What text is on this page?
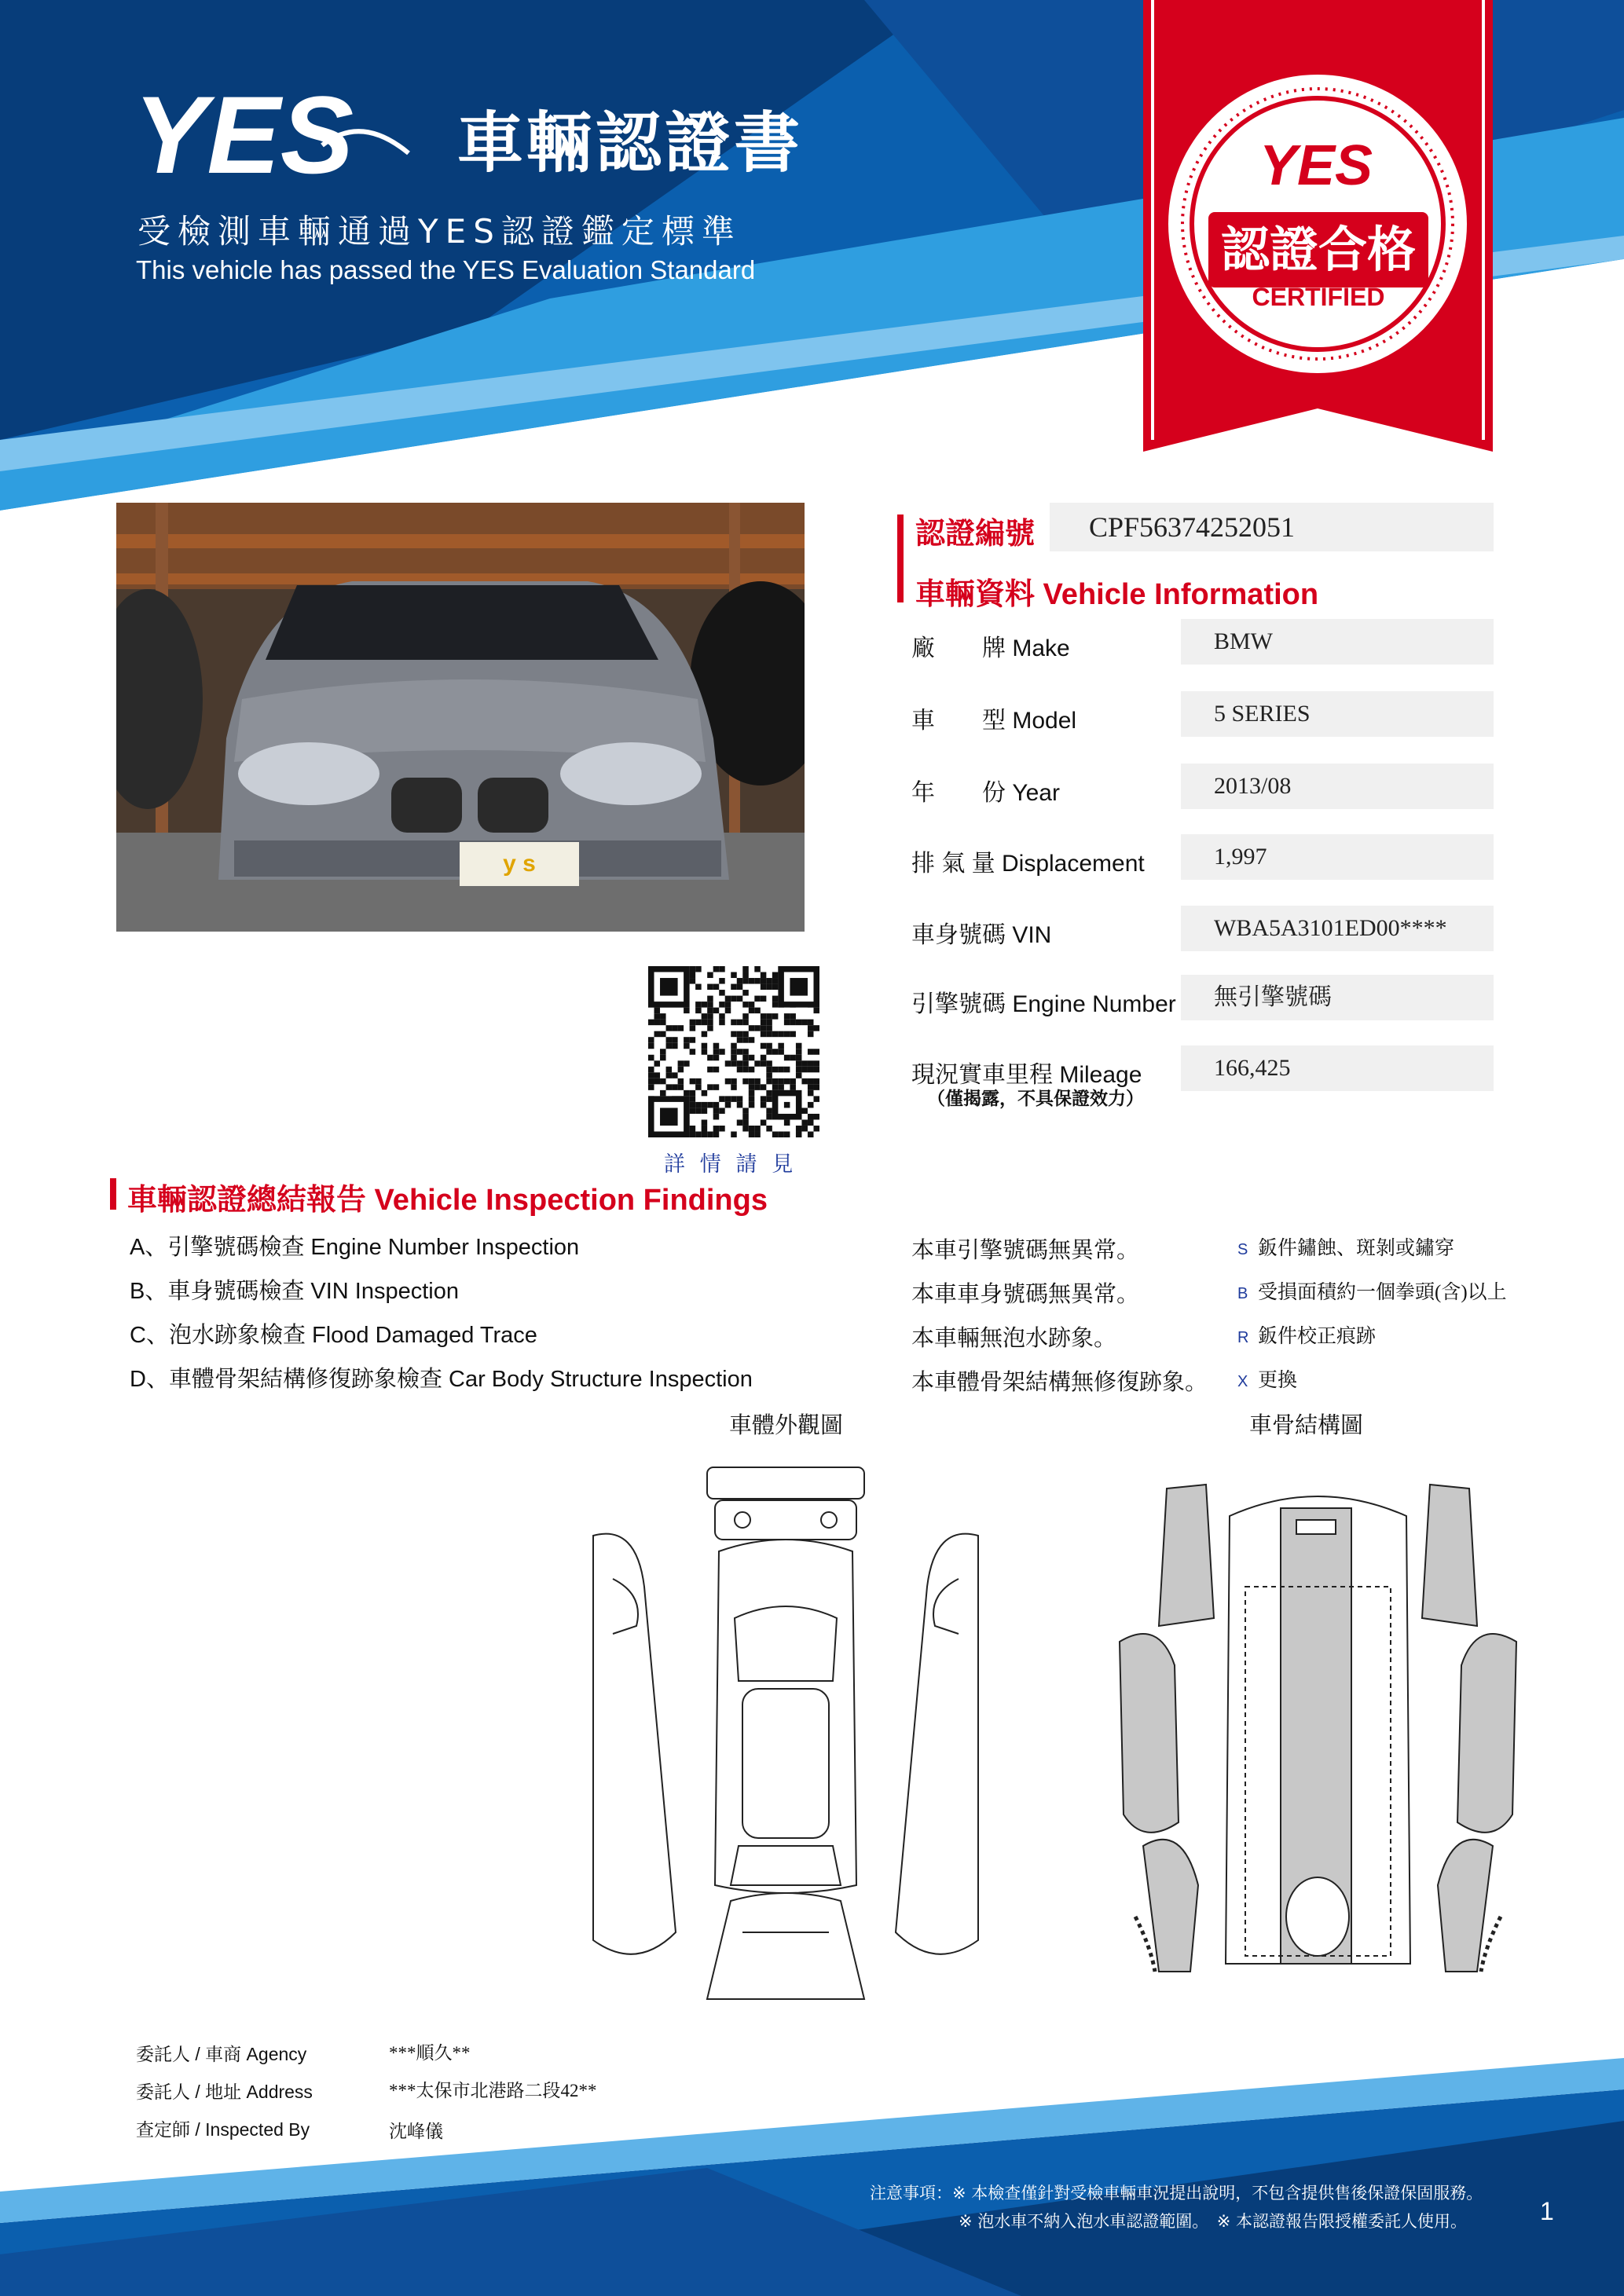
YES 車輛認證書
受檢測車輛通過YES認證鑑定標準
This vehicle has passed the YES Evaluation Standard
YES
認證合格
CERTIFIED
y s
詳 情 請 見
認證編號	CPF56374252051
車輛資料 Vehicle Information
廠　　牌 Make	BMW
車　　型 Model	5 SERIES
年　　份 Year	2013/08
排 氣 量 Displacement	1,997
車身號碼 VIN	WBA5A3101ED00****
引擎號碼 Engine Number	無引擎號碼
現況實車里程 Mileage	166,425
（僅揭露，不具保證效力）
車輛認證總結報告 Vehicle Inspection Findings
A、引擎號碼檢查 Engine Number Inspection	本車引擎號碼無異常。
B、車身號碼檢查 VIN Inspection	本車車身號碼無異常。
C、泡水跡象檢查 Flood Damaged Trace	本車輛無泡水跡象。
D、車體骨架結構修復跡象檢查 Car Body Structure Inspection	本車體骨架結構無修復跡象。
S 鈑件鏽蝕、斑剝或鏽穿
B 受損面積約一個拳頭(含)以上
R 鈑件校正痕跡
X 更換
車體外觀圖	車骨結構圖
委託人 / 車商 Agency	***順久**
委託人 / 地址 Address	***太保市北港路二段42**
查定師 / Inspected By	沈峰儀
注意事項：※ 本檢查僅針對受檢車輛車況提出說明，不包含提供售後保證保固服務。
※ 泡水車不納入泡水車認證範圍。　※ 本認證報告限授權委託人使用。	1
